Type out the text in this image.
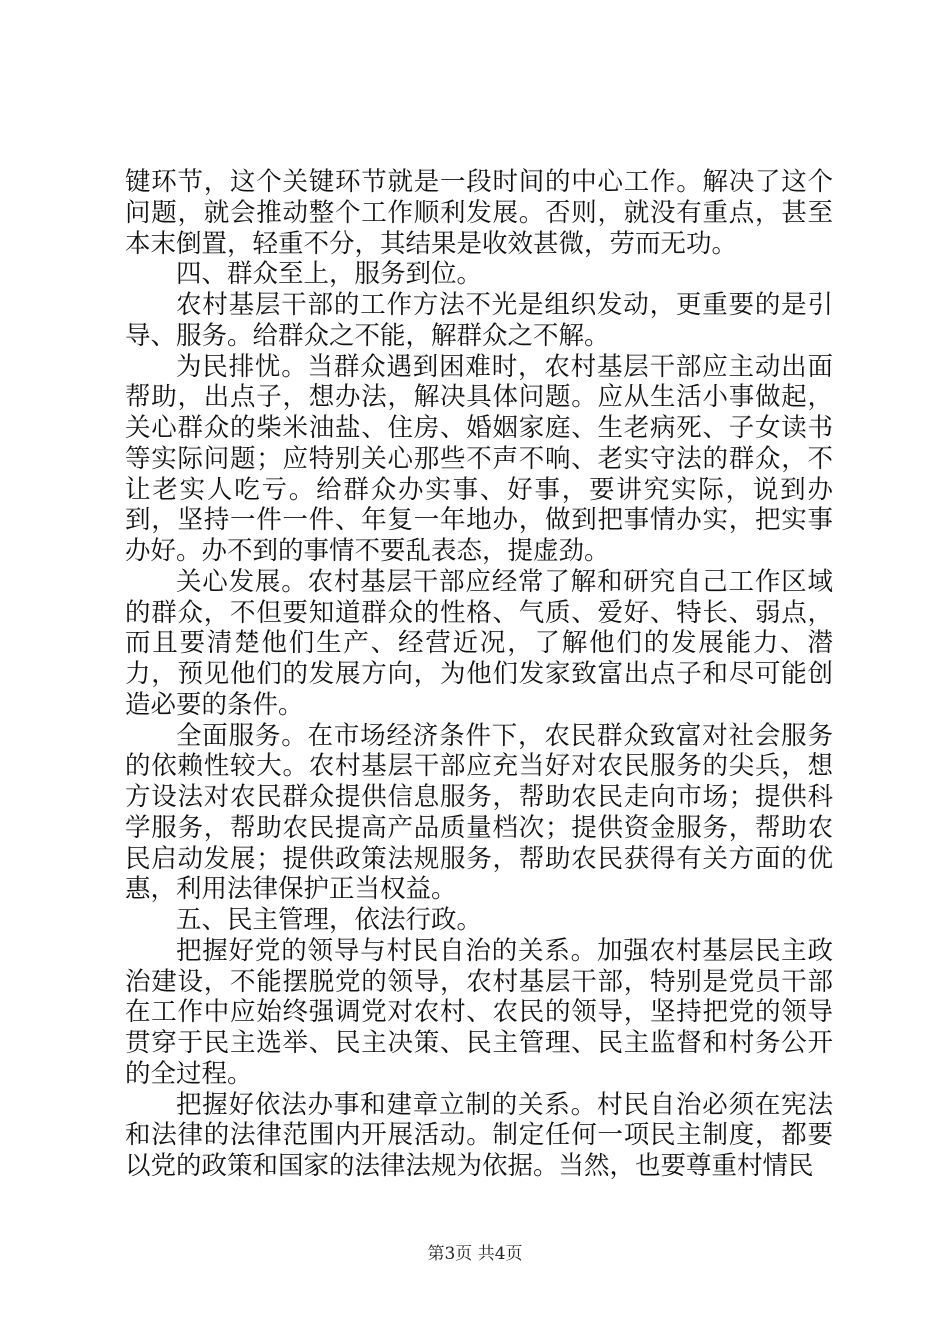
键环节，这个关键环节就是一段时间的中心工作。解决了这个问题，就会推动整个工作顺利发展。否则，就没有重点，甚至本末倒置，轻重不分，其结果是收效甚微，劳而无功。

四、群众至上，服务到位。

农村基层干部的工作方法不光是组织发动，更重要的是引导、服务。给群众之不能，解群众之不解。

为民排忧。当群众遇到困难时，农村基层干部应主动出面帮助，出点子，想办法，解决具体问题。应从生活小事做起，关心群众的柴米油盐、住房、婚姻家庭、生老病死、子女读书等实际问题；应特别关心那些不声不响、老实守法的群众，不让老实人吃亏。给群众办实事、好事，要讲究实际，说到办到，坚持一件一件、年复一年地办，做到把事情办实，把实事办好。办不到的事情不要乱表态，提虚劲。

关心发展。农村基层干部应经常了解和研究自己工作区域的群众，不但要知道群众的性格、气质、爱好、特长、弱点，而且要清楚他们生产、经营近况，了解他们的发展能力、潜力，预见他们的发展方向，为他们发家致富出点子和尽可能创造必要的条件。

全面服务。在市场经济条件下，农民群众致富对社会服务的依赖性较大。农村基层干部应充当好对农民服务的尖兵，想方设法对农民群众提供信息服务，帮助农民走向市场；提供科学服务，帮助农民提高产品质量档次；提供资金服务，帮助农民启动发展；提供政策法规服务，帮助农民获得有关方面的优惠，利用法律保护正当权益。

五、民主管理，依法行政。

把握好党的领导与村民自治的关系。加强农村基层民主政治建设，不能摆脱党的领导，农村基层干部，特别是党员干部在工作中应始终强调党对农村、农民的领导，坚持把党的领导贯穿于民主选举、民主决策、民主管理、民主监督和村务公开的全过程。

把握好依法办事和建章立制的关系。村民自治必须在宪法和法律的法律范围内开展活动。制定任何一项民主制度，都要以党的政策和国家的法律法规为依据。当然，也要尊重村情民

第3页 共4页
